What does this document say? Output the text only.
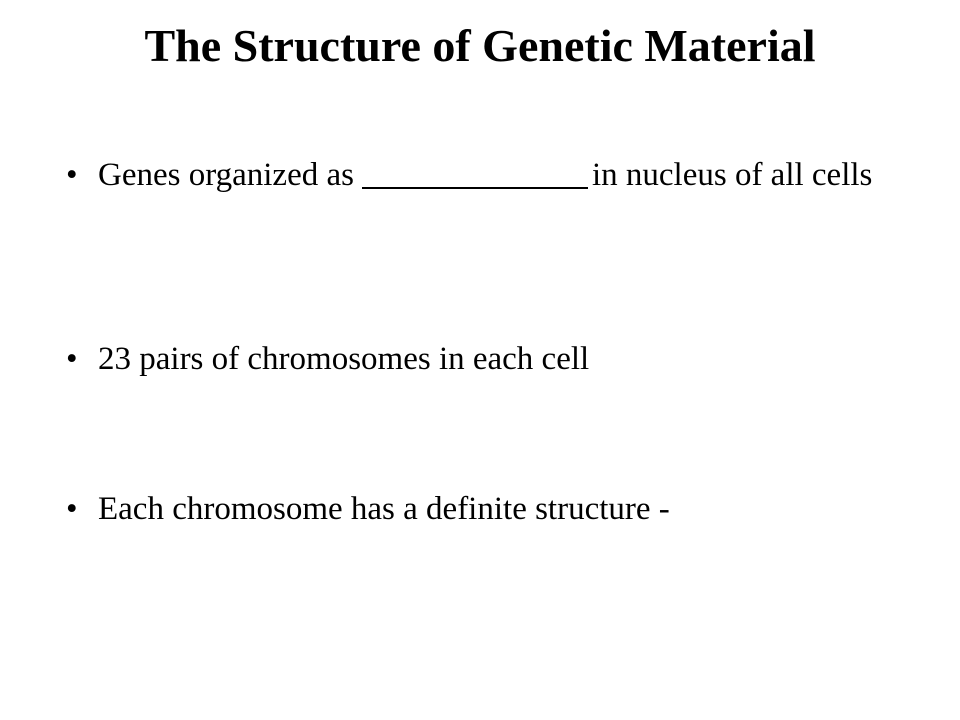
The Structure of Genetic Material
• Genes organized as	in nucleus of all cells
• 23 pairs of chromosomes in each cell
• Each chromosome has a definite structure -
